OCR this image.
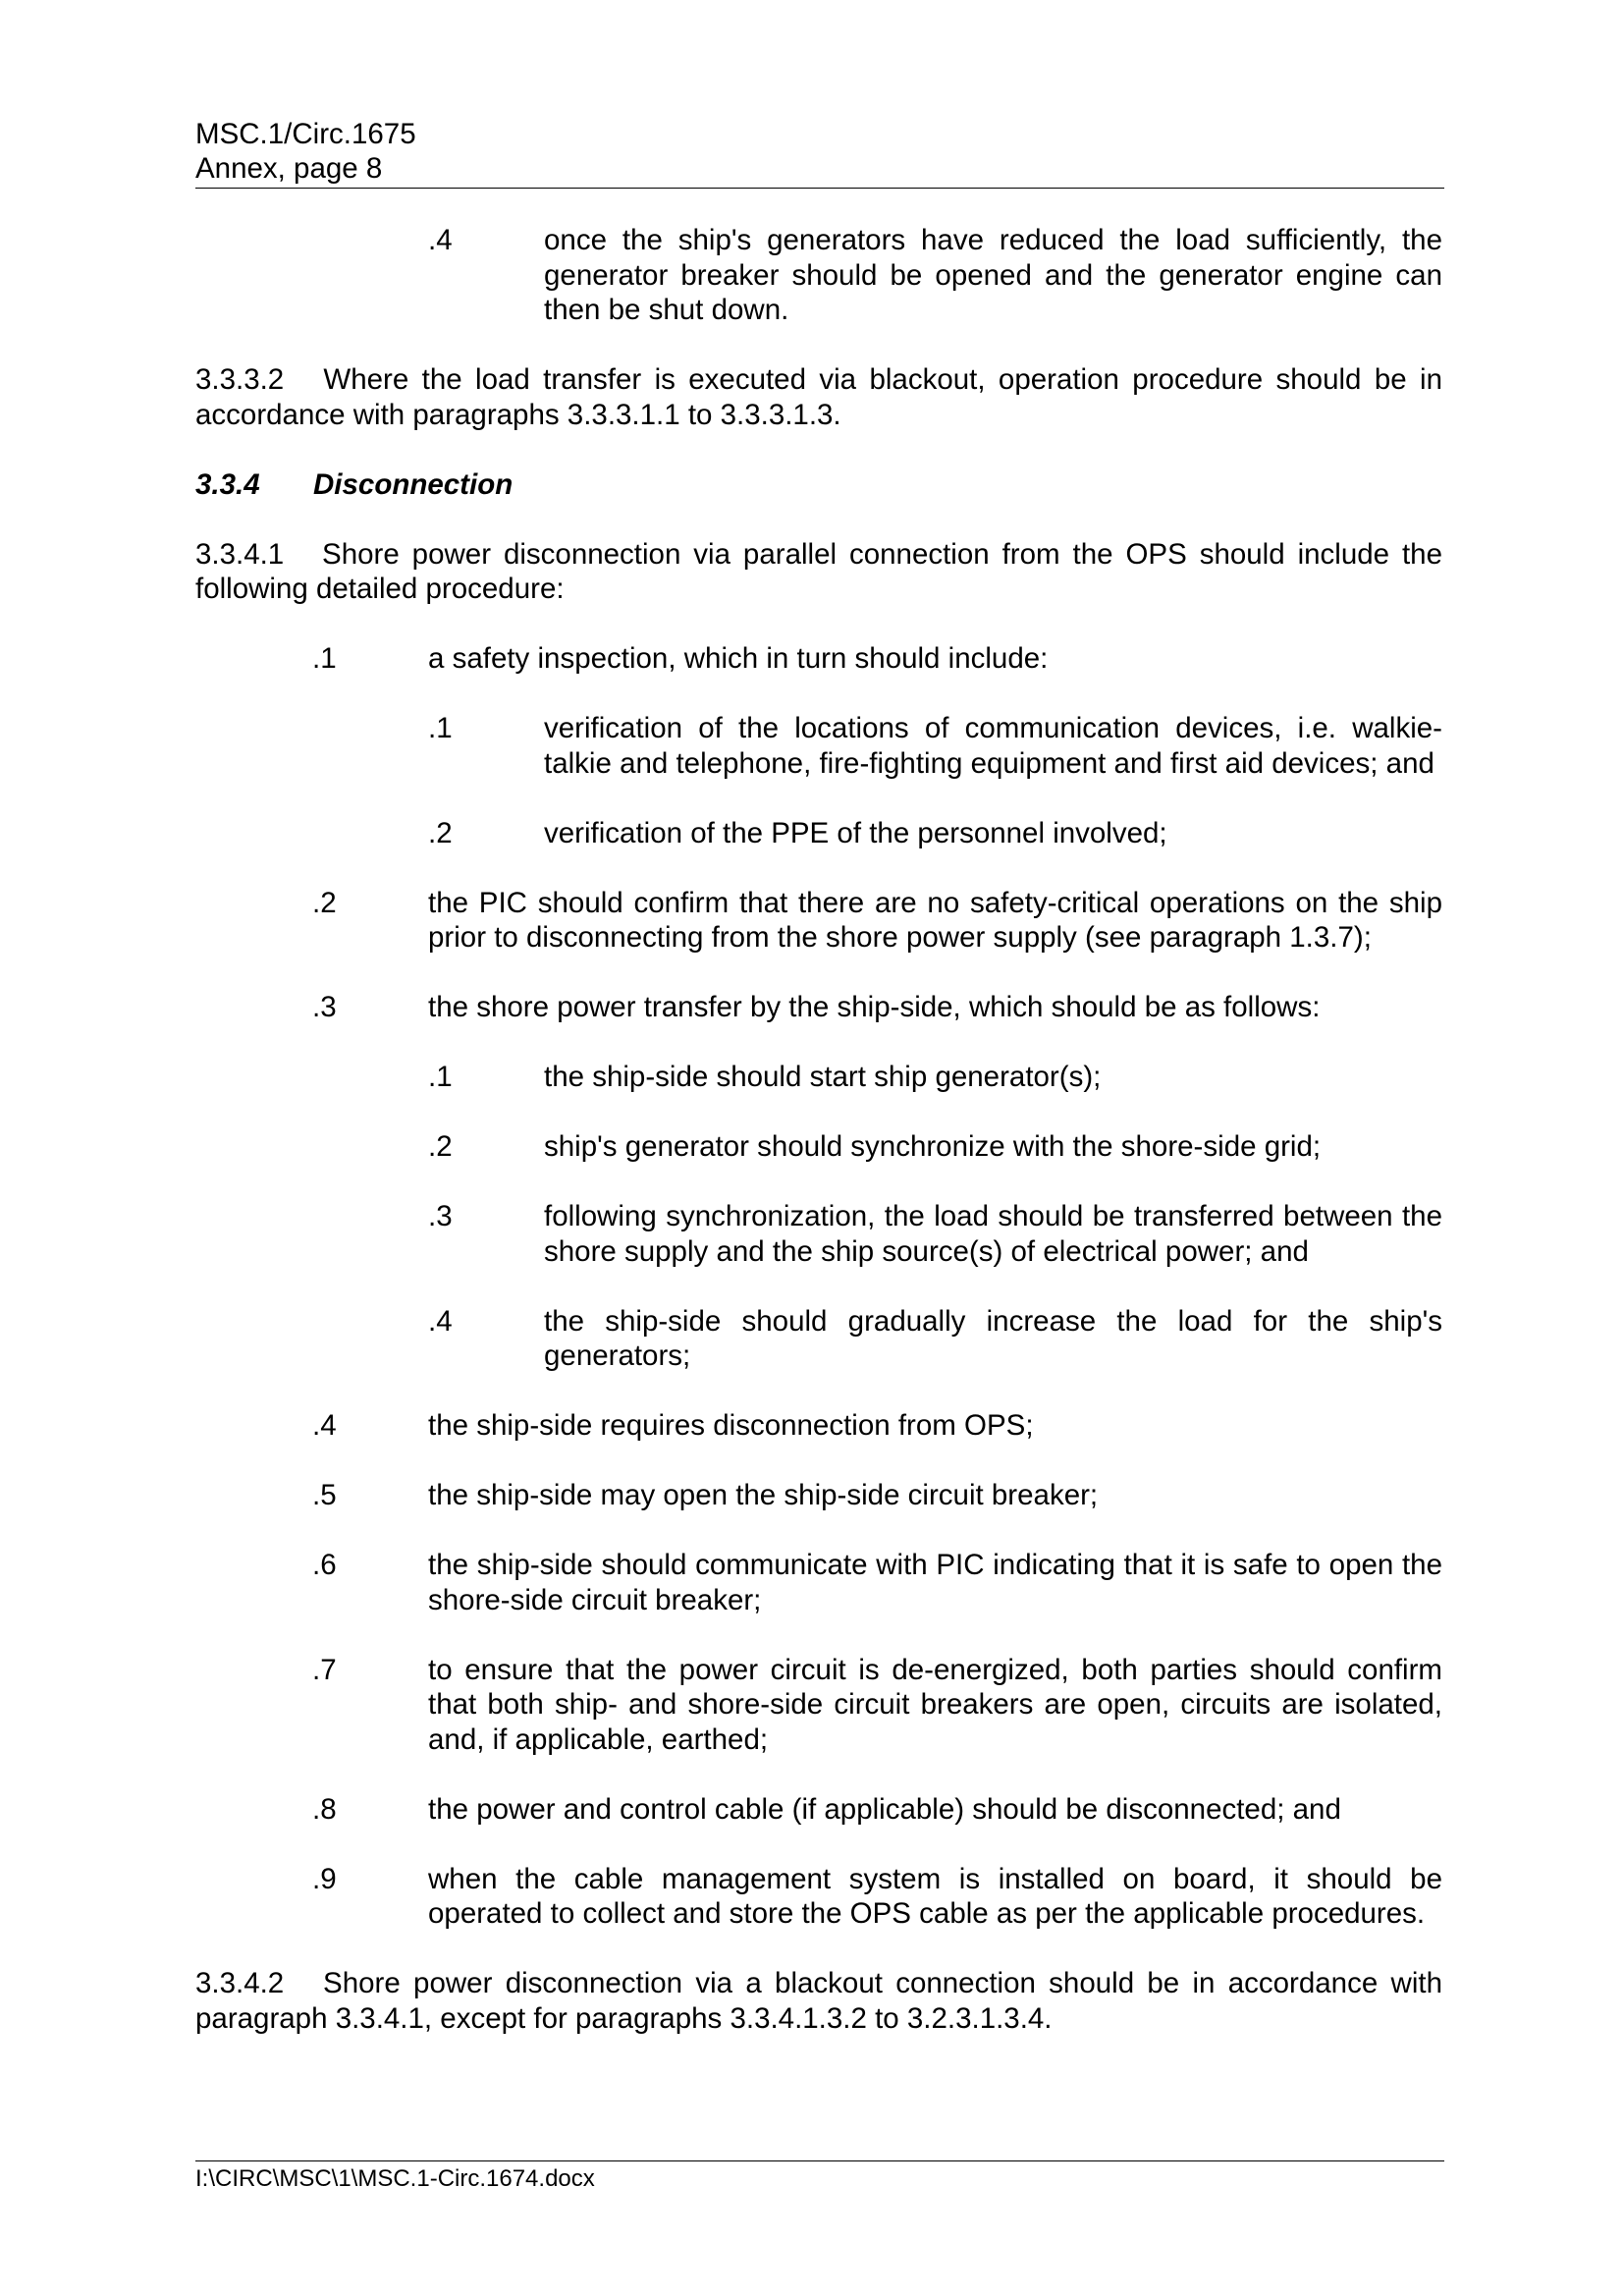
MSC.1/Circ.1675
Annex, page 8
.4	once the ship's generators have reduced the load sufficiently, the generator breaker should be opened and the generator engine can then be shut down.

3.3.3.2   Where the load transfer is executed via blackout, operation procedure should be in accordance with paragraphs 3.3.3.1.1 to 3.3.3.1.3.

3.3.4 Disconnection

3.3.4.1   Shore power disconnection via parallel connection from the OPS should include the following detailed procedure:

.1	a safety inspection, which in turn should include:
.1	verification of the locations of communication devices, i.e. walkie-talkie and telephone, fire-fighting equipment and first aid devices; and
.2	verification of the PPE of the personnel involved;
.2	the PIC should confirm that there are no safety-critical operations on the ship prior to disconnecting from the shore power supply (see paragraph 1.3.7);
.3	the shore power transfer by the ship-side, which should be as follows:
.1	the ship-side should start ship generator(s);
.2	ship's generator should synchronize with the shore-side grid;
.3	following synchronization, the load should be transferred between the shore supply and the ship source(s) of electrical power; and
.4	the ship-side should gradually increase the load for the ship's generators;
.4	the ship-side requires disconnection from OPS;
.5	the ship-side may open the ship-side circuit breaker;
.6	the ship-side should communicate with PIC indicating that it is safe to open the shore-side circuit breaker;
.7	to ensure that the power circuit is de-energized, both parties should confirm that both ship- and shore-side circuit breakers are open, circuits are isolated, and, if applicable, earthed;
.8	the power and control cable (if applicable) should be disconnected; and
.9	when the cable management system is installed on board, it should be operated to collect and store the OPS cable as per the applicable procedures.

3.3.4.2   Shore power disconnection via a blackout connection should be in accordance with paragraph 3.3.4.1, except for paragraphs 3.3.4.1.3.2 to 3.2.3.1.3.4.

I:\CIRC\MSC\1\MSC.1-Circ.1674.docx
